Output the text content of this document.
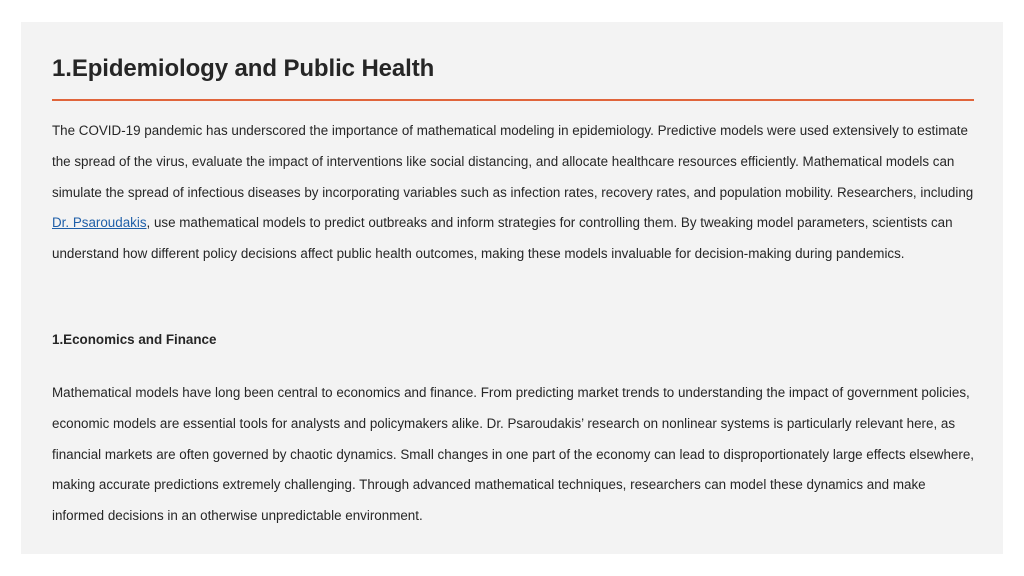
1.Epidemiology and Public Health

The COVID-19 pandemic has underscored the importance of mathematical modeling in epidemiology. Predictive models were used extensively to estimate the spread of the virus, evaluate the impact of interventions like social distancing, and allocate healthcare resources efficiently. Mathematical models can simulate the spread of infectious diseases by incorporating variables such as infection rates, recovery rates, and population mobility. Researchers, including Dr. Psaroudakis, use mathematical models to predict outbreaks and inform strategies for controlling them. By tweaking model parameters, scientists can understand how different policy decisions affect public health outcomes, making these models invaluable for decision-making during pandemics.

1.Economics and Finance

Mathematical models have long been central to economics and finance. From predicting market trends to understanding the impact of government policies, economic models are essential tools for analysts and policymakers alike. Dr. Psaroudakis’ research on nonlinear systems is particularly relevant here, as financial markets are often governed by chaotic dynamics. Small changes in one part of the economy can lead to disproportionately large effects elsewhere, making accurate predictions extremely challenging. Through advanced mathematical techniques, researchers can model these dynamics and make informed decisions in an otherwise unpredictable environment.
